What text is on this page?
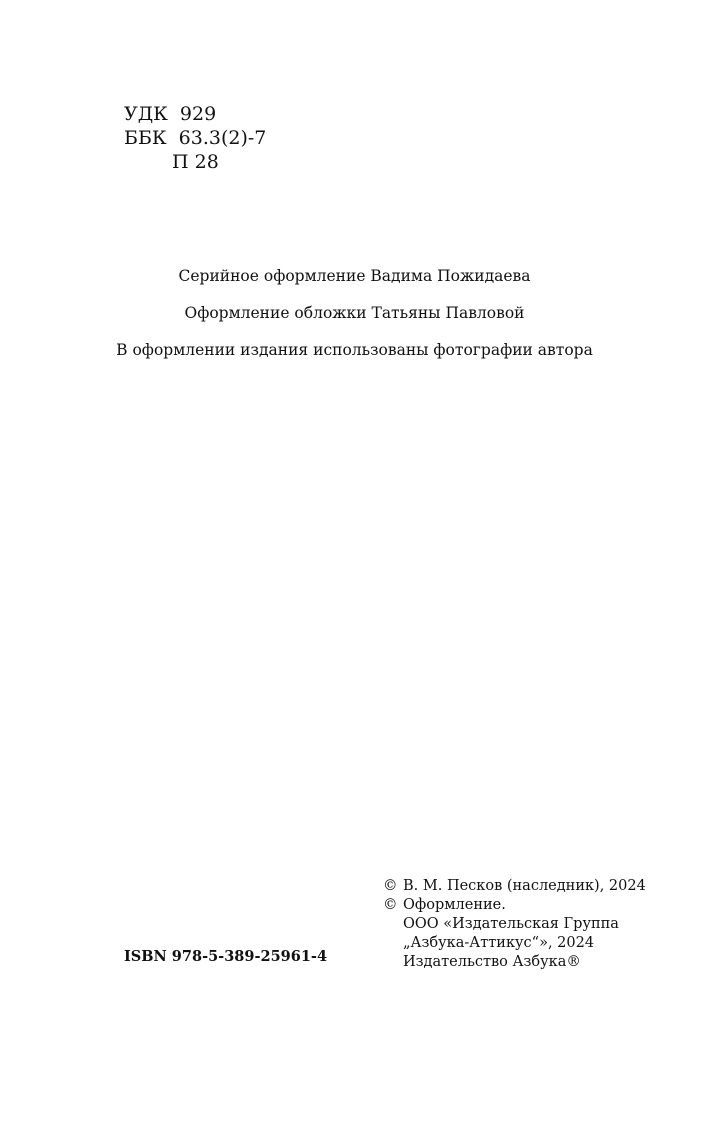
УДК 929
ББК 63.3(2)-7
П 28
Серийное оформление Вадима Пожидаева
Оформление обложки Татьяны Павловой
В оформлении издания использованы фотографии автора
ISBN 978-5-389-25961-4
© В. М. Песков (наследник), 2024
© Оформление.
ООО «Издательская Группа
„Азбука-Аттикус“», 2024
Издательство Азбука®
